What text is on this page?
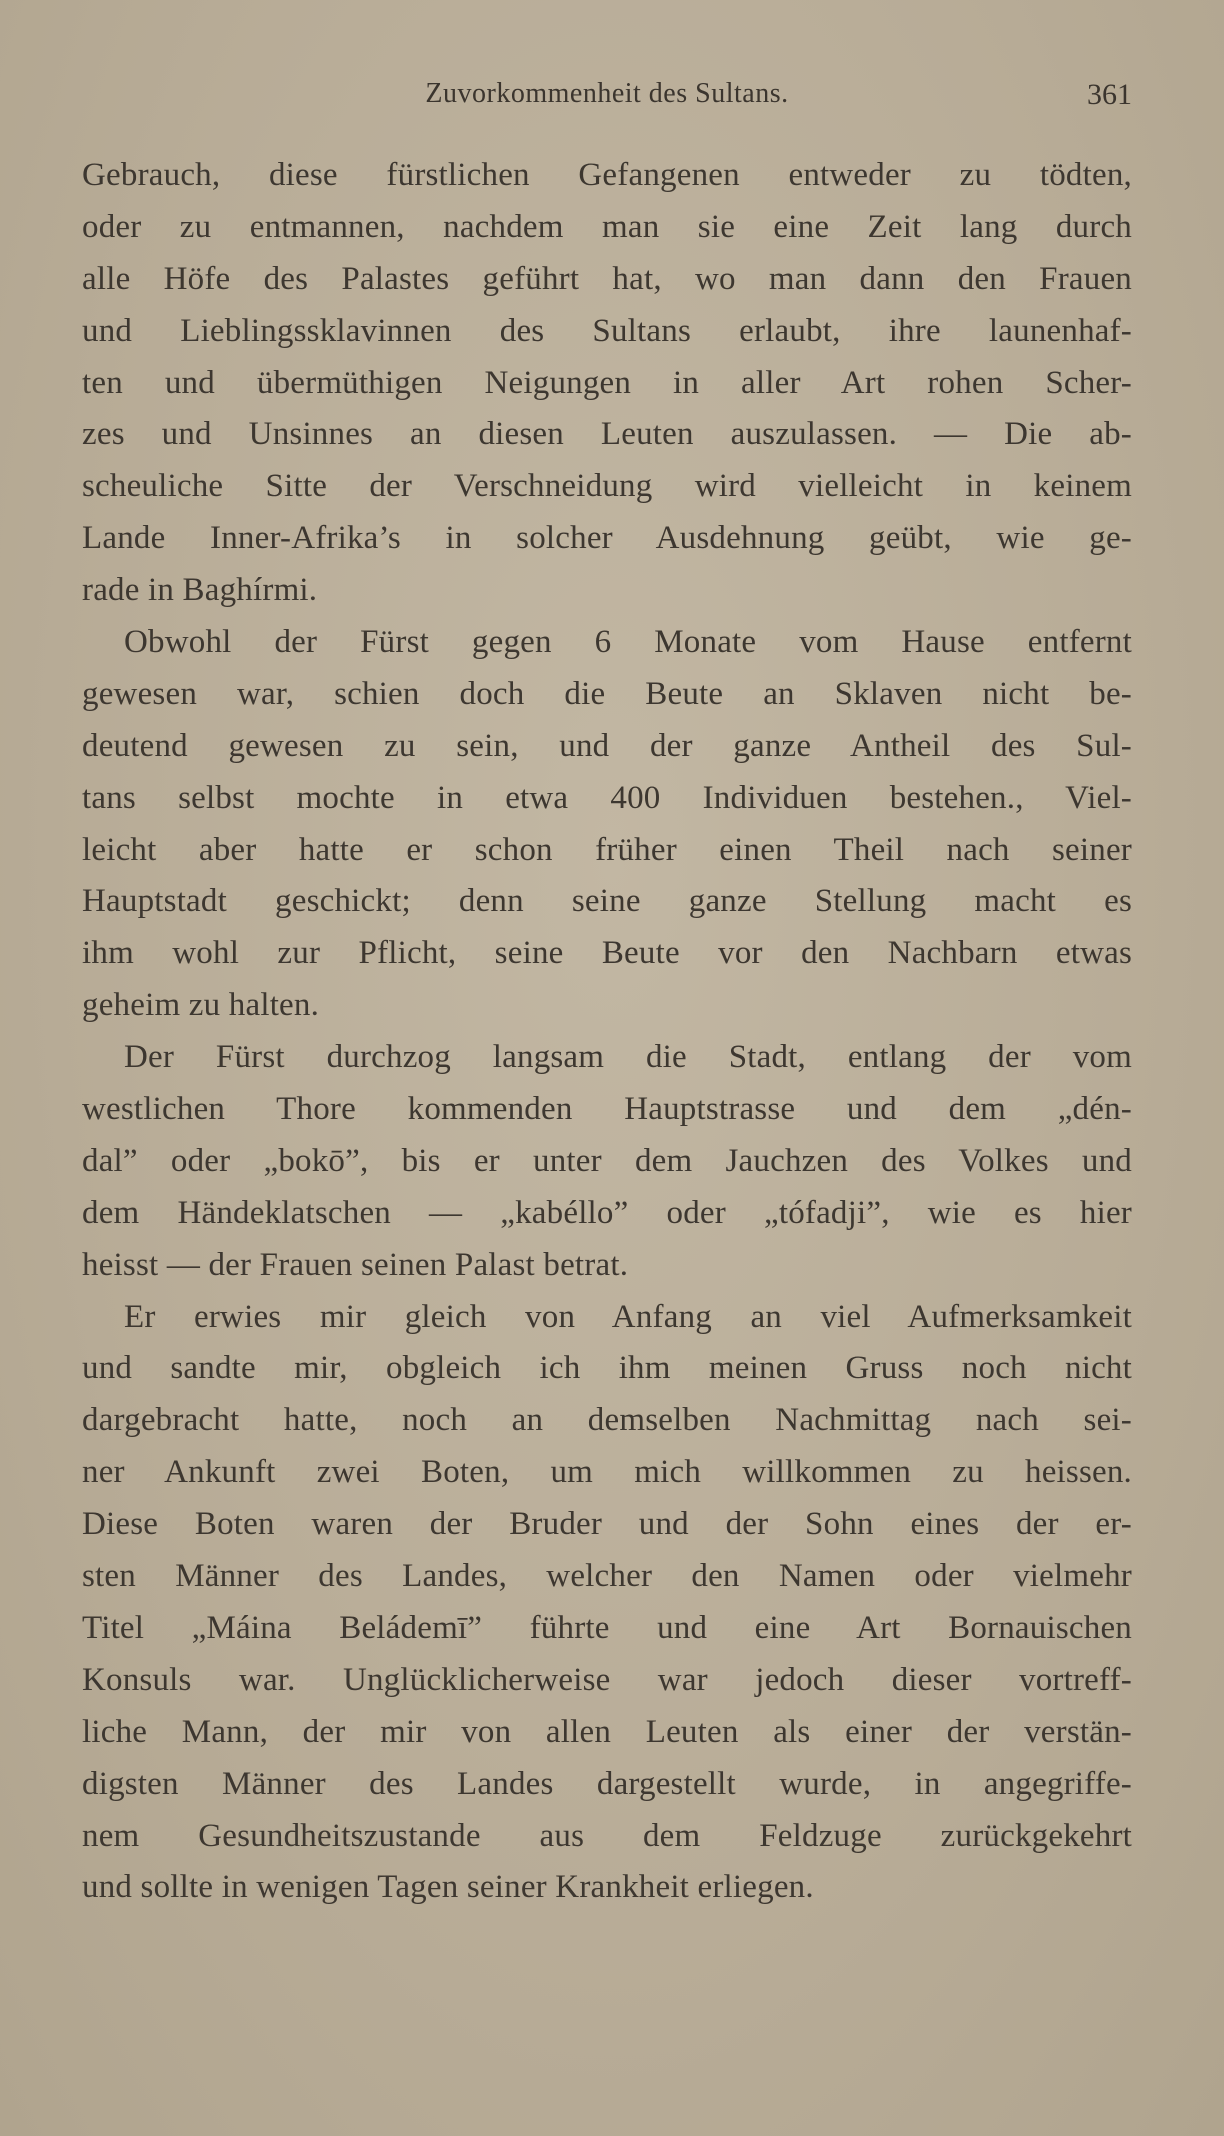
Zuvorkommenheit des Sultans.	361
Gebrauch, diese fürstlichen Gefangenen entweder zu tödten,
oder zu entmannen, nachdem man sie eine Zeit lang durch
alle Höfe des Palastes geführt hat, wo man dann den Frauen
und Lieblingssklavinnen des Sultans erlaubt, ihre launenhaf-
ten und übermüthigen Neigungen in aller Art rohen Scher-
zes und Unsinnes an diesen Leuten auszulassen. — Die ab-
scheuliche Sitte der Verschneidung wird vielleicht in keinem
Lande Inner-Afrika’s in solcher Ausdehnung geübt, wie ge-
rade in Baghírmi.
Obwohl der Fürst gegen 6 Monate vom Hause entfernt
gewesen war, schien doch die Beute an Sklaven nicht be-
deutend gewesen zu sein, und der ganze Antheil des Sul-
tans selbst mochte in etwa 400 Individuen bestehen., Viel-
leicht aber hatte er schon früher einen Theil nach seiner
Hauptstadt geschickt; denn seine ganze Stellung macht es
ihm wohl zur Pflicht, seine Beute vor den Nachbarn etwas
geheim zu halten.
Der Fürst durchzog langsam die Stadt, entlang der vom
westlichen Thore kommenden Hauptstrasse und dem „dén-
dal” oder „bokō”, bis er unter dem Jauchzen des Volkes und
dem Händeklatschen — „kabéllo” oder „tófadji”, wie es hier
heisst — der Frauen seinen Palast betrat.
Er erwies mir gleich von Anfang an viel Aufmerksamkeit
und sandte mir, obgleich ich ihm meinen Gruss noch nicht
dargebracht hatte, noch an demselben Nachmittag nach sei-
ner Ankunft zwei Boten, um mich willkommen zu heissen.
Diese Boten waren der Bruder und der Sohn eines der er-
sten Männer des Landes, welcher den Namen oder vielmehr
Titel „Máina Beládemī” führte und eine Art Bornauischen
Konsuls war. Unglücklicherweise war jedoch dieser vortreff-
liche Mann, der mir von allen Leuten als einer der verstän-
digsten Männer des Landes dargestellt wurde, in angegriffe-
nem Gesundheitszustande aus dem Feldzuge zurückgekehrt
und sollte in wenigen Tagen seiner Krankheit erliegen.
